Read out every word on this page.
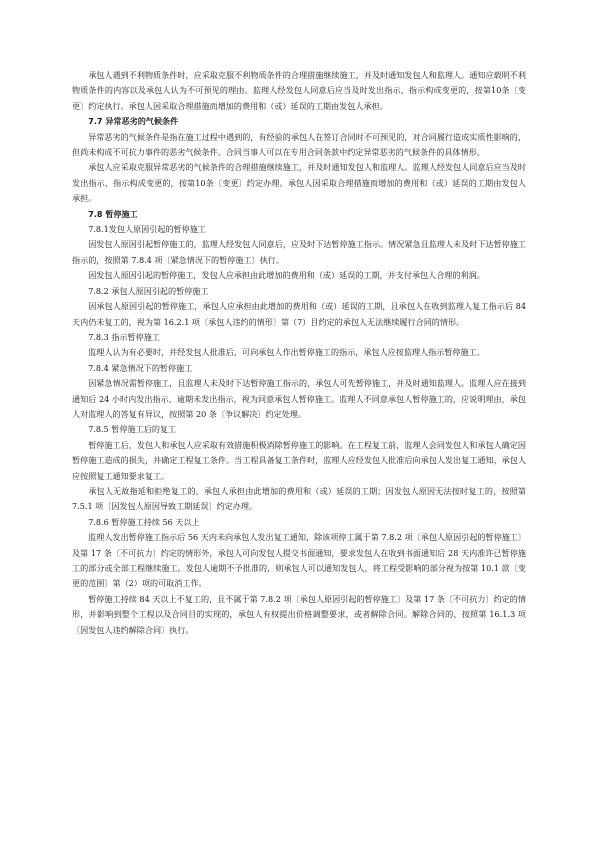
承包人遇到不利物质条件时，应采取克服不利物质条件的合理措施继续施工，并及时通知发包人和监理人。通知应载明不利物质条件的内容以及承包人认为不可预见的理由。监理人经发包人同意后应当及时发出指示，指示构成变更的，按第10条〔变更〕约定执行。承包人因采取合理措施而增加的费用和（或）延误的工期由发包人承担。

7.7 异常恶劣的气候条件

异常恶劣的气候条件是指在施工过程中遇到的，有经验的承包人在签订合同时不可预见的，对合同履行造成实质性影响的，但尚未构成不可抗力事件的恶劣气候条件。合同当事人可以在专用合同条款中约定异常恶劣的气候条件的具体情形。

承包人应采取克服异常恶劣的气候条件的合理措施继续施工，并及时通知发包人和监理人。监理人经发包人同意后应当及时发出指示，指示构成变更的，按第10条〔变更〕约定办理。承包人因采取合理措施而增加的费用和（或）延误的工期由发包人承担。

7.8 暂停施工

7.8.1发包人原因引起的暂停施工

因发包人原因引起暂停施工的，监理人经发包人同意后，应及时下达暂停施工指示。情况紧急且监理人未及时下达暂停施工指示的，按照第 7.8.4 项〔紧急情况下的暂停施工〕执行。

因发包人原因引起的暂停施工，发包人应承担由此增加的费用和（或）延误的工期，并支付承包人合理的利润。

7.8.2 承包人原因引起的暂停施工

因承包人原因引起的暂停施工，承包人应承担由此增加的费用和（或）延误的工期，且承包人在收到监理人复工指示后 84 天内仍未复工的，视为第 16.2.1 项〔承包人违约的情形〕第（7）目约定的承包人无法继续履行合同的情形。

7.8.3 指示暂停施工

监理人认为有必要时，并经发包人批准后，可向承包人作出暂停施工的指示，承包人应按监理人指示暂停施工。

7.8.4 紧急情况下的暂停施工

因紧急情况需暂停施工，且监理人未及时下达暂停施工指示的，承包人可先暂停施工，并及时通知监理人。监理人应在接到通知后 24 小时内发出指示，逾期未发出指示，视为同意承包人暂停施工。监理人不同意承包人暂停施工的，应说明理由，承包人对监理人的答复有异议，按照第 20 条〔争议解决〕约定处理。

7.8.5 暂停施工后的复工

暂停施工后，发包人和承包人应采取有效措施积极消除暂停施工的影响。在工程复工前，监理人会同发包人和承包人确定因暂停施工造成的损失，并确定工程复工条件。当工程具备复工条件时，监理人应经发包人批准后向承包人发出复工通知，承包人应按照复工通知要求复工。

承包人无故拖延和拒绝复工的，承包人承担由此增加的费用和（或）延误的工期；因发包人原因无法按时复工的，按照第 7.5.1 项〔因发包人原因导致工期延误〕约定办理。

7.8.6 暂停施工持续 56 天以上

监理人发出暂停施工指示后 56 天内未向承包人发出复工通知，除该项停工属于第 7.8.2 项〔承包人原因引起的暂停施工〕及第 17 条〔不可抗力〕约定的情形外，承包人可向发包人提交书面通知，要求发包人在收到书面通知后 28 天内准许已暂停施工的部分或全部工程继续施工。发包人逾期不予批准的，则承包人可以通知发包人，将工程受影响的部分视为按第 10.1 款〔变更的范围〕第（2）项的可取消工作。

暂停施工持续 84 天以上不复工的，且不属于第 7.8.2 项〔承包人原因引起的暂停施工〕及第 17 条〔不可抗力〕约定的情形，并影响到整个工程以及合同目的实现的，承包人有权提出价格调整要求，或者解除合同。解除合同的，按照第 16.1.3 项〔因发包人违约解除合同〕执行。
